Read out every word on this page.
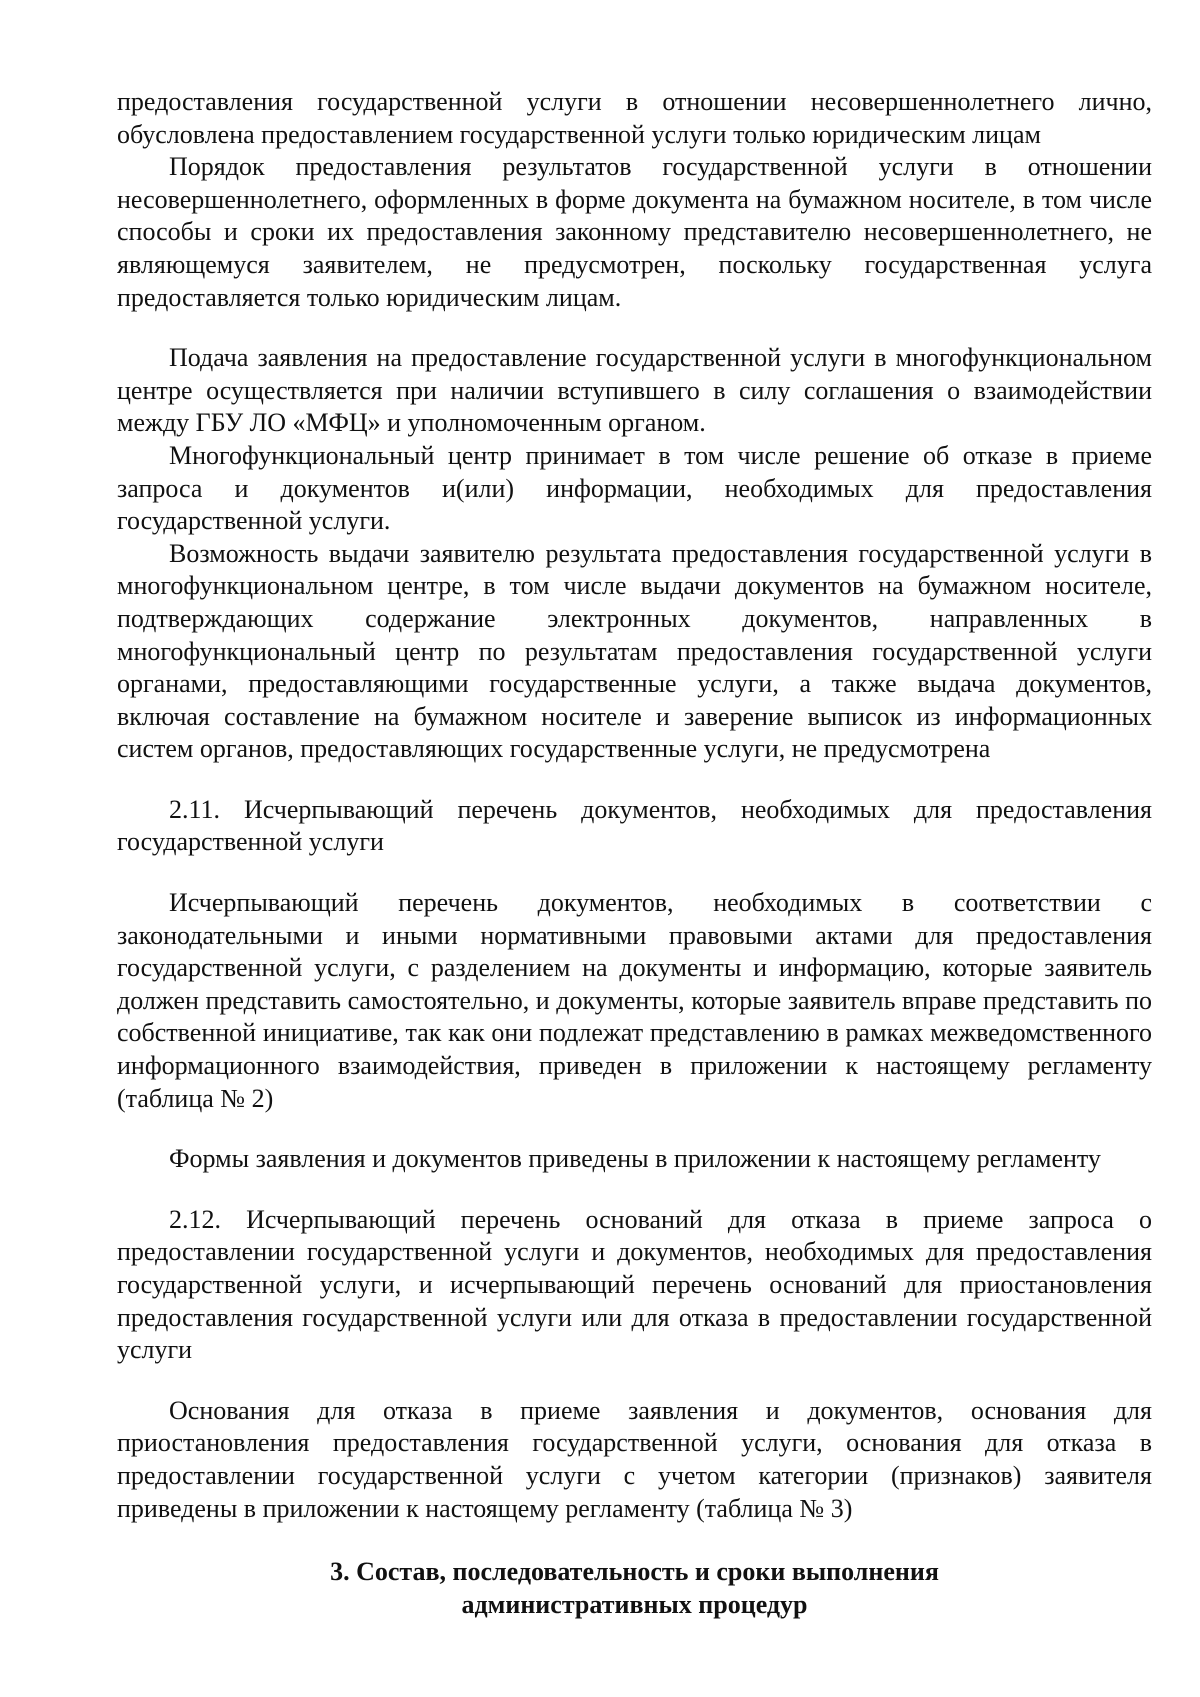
предоставления государственной услуги в отношении несовершеннолетнего лично, обусловлена предоставлением государственной услуги только юридическим лицам

Порядок предоставления результатов государственной услуги в отношении несовершеннолетнего, оформленных в форме документа на бумажном носителе, в том числе способы и сроки их предоставления законному представителю несовершеннолетнего, не являющемуся заявителем, не предусмотрен, поскольку государственная услуга предоставляется только юридическим лицам.

Подача заявления на предоставление государственной услуги в многофункциональном центре осуществляется при наличии вступившего в силу соглашения о взаимодействии между ГБУ ЛО «МФЦ» и уполномоченным органом.

Многофункциональный центр принимает в том числе решение об отказе в приеме запроса и документов и(или) информации, необходимых для предоставления государственной услуги.

Возможность выдачи заявителю результата предоставления государственной услуги в многофункциональном центре, в том числе выдачи документов на бумажном носителе, подтверждающих содержание электронных документов, направленных в многофункциональный центр по результатам предоставления государственной услуги органами, предоставляющими государственные услуги, а также выдача документов, включая составление на бумажном носителе и заверение выписок из информационных систем органов, предоставляющих государственные услуги, не предусмотрена

2.11. Исчерпывающий перечень документов, необходимых для предоставления государственной услуги

Исчерпывающий перечень документов, необходимых в соответствии с законодательными и иными нормативными правовыми актами для предоставления государственной услуги, с разделением на документы и информацию, которые заявитель должен представить самостоятельно, и документы, которые заявитель вправе представить по собственной инициативе, так как они подлежат представлению в рамках межведомственного информационного взаимодействия, приведен в приложении к настоящему регламенту (таблица № 2)

Формы заявления и документов приведены в приложении к настоящему регламенту

2.12. Исчерпывающий перечень оснований для отказа в приеме запроса о предоставлении государственной услуги и документов, необходимых для предоставления государственной услуги, и исчерпывающий перечень оснований для приостановления предоставления государственной услуги или для отказа в предоставлении государственной услуги

Основания для отказа в приеме заявления и документов, основания для приостановления предоставления государственной услуги, основания для отказа в предоставлении государственной услуги с учетом категории (признаков) заявителя приведены в приложении к настоящему регламенту (таблица № 3)

3. Состав, последовательность и сроки выполнения
административных процедур
